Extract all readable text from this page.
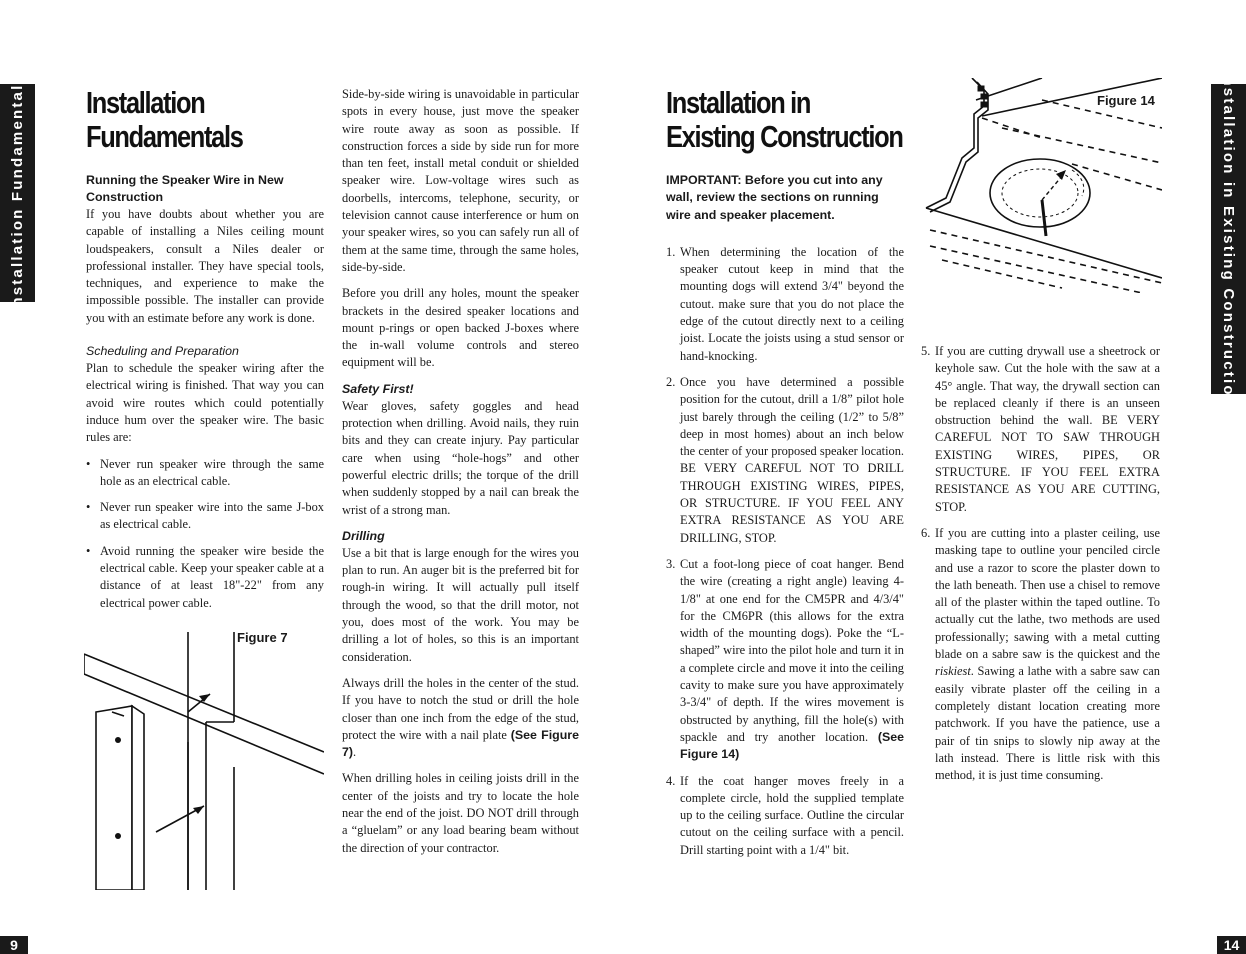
Installation Fundamentals	Installation in Existing Construction
9	14
Installation
Fundamentals
Running the Speaker Wire in New Construction

If you have doubts about whether you are capable of installing a Niles ceiling mount loudspeakers, consult a Niles dealer or professional installer. They have special tools, techniques, and experience to make the impossible possible. The installer can provide you with an estimate before any work is done.

Scheduling and Preparation

Plan to schedule the speaker wiring after the electrical wiring is finished. That way you can avoid wire routes which could potentially induce hum over the speaker wire. The basic rules are:

• Never run speaker wire through the same hole as an electrical cable.
• Never run speaker wire into the same J-box as electrical cable.
• Avoid running the speaker wire beside the electrical cable. Keep your speaker cable at a distance of at least 18"-22" from any electrical power cable.
Figure 7

Side-by-side wiring is unavoidable in particular spots in every house, just move the speaker wire route away as soon as possible. If construction forces a side by side run for more than ten feet, install metal conduit or shielded speaker wire. Low-voltage wires such as doorbells, intercoms, telephone, security, or television cannot cause interference or hum on your speaker wires, so you can safely run all of them at the same time, through the same holes, side-by-side.

Before you drill any holes, mount the speaker brackets in the desired speaker locations and mount p-rings or open backed J-boxes where the in-wall volume controls and stereo equipment will be.

Safety First!

Wear gloves, safety goggles and head protection when drilling. Avoid nails, they ruin bits and they can create injury. Pay particular care when using “hole-hogs” and other powerful electric drills; the torque of the drill when suddenly stopped by a nail can break the wrist of a strong man.

Drilling

Use a bit that is large enough for the wires you plan to run. An auger bit is the preferred bit for rough-in wiring. It will actually pull itself through the wood, so that the drill motor, not you, does most of the work. You may be drilling a lot of holes, so this is an important consideration.

Always drill the holes in the center of the stud. If you have to notch the stud or drill the hole closer than one inch from the edge of the stud, protect the wire with a nail plate (See Figure 7).

When drilling holes in ceiling joists drill in the center of the joists and try to locate the hole near the end of the joist. DO NOT drill through a “gluelam” or any load bearing beam without the direction of your contractor.

Installation in
Existing Construction
IMPORTANT: Before you cut into any wall, review the sections on running wire and speaker placement.
1. When determining the location of the speaker cutout keep in mind that the mounting dogs will extend 3/4" beyond the cutout. make sure that you do not place the edge of the cutout directly next to a ceiling joist. Locate the joists using a stud sensor or hand-knocking.
2. Once you have determined a possible position for the cutout, drill a 1/8” pilot hole just barely through the ceiling (1/2” to 5/8” deep in most homes) about an inch below the center of your proposed speaker location. BE VERY CAREFUL NOT TO DRILL THROUGH EXISTING WIRES, PIPES, OR STRUCTURE. IF YOU FEEL ANY EXTRA RESISTANCE AS YOU ARE DRILLING, STOP.
3. Cut a foot-long piece of coat hanger. Bend the wire (creating a right angle) leaving 4-1/8" at one end for the CM5PR and 4/3/4" for the CM6PR (this allows for the extra width of the mounting dogs). Poke the “L-shaped” wire into the pilot hole and turn it in a complete circle and move it into the ceiling cavity to make sure you have approximately 3-3/4" of depth. If the wires movement is obstructed by anything, fill the hole(s) with spackle and try another location. (See Figure 14)
4. If the coat hanger moves freely in a complete circle, hold the supplied template up to the ceiling surface. Outline the circular cutout on the ceiling surface with a pencil. Drill starting point with a 1/4" bit.
Figure 14
5. If you are cutting drywall use a sheetrock or keyhole saw. Cut the hole with the saw at a 45° angle. That way, the drywall section can be replaced cleanly if there is an unseen obstruction behind the wall. BE VERY CAREFUL NOT TO SAW THROUGH EXISTING WIRES, PIPES, OR STRUCTURE. IF YOU FEEL EXTRA RESISTANCE AS YOU ARE CUTTING, STOP.
6. If you are cutting into a plaster ceiling, use masking tape to outline your penciled circle and use a razor to score the plaster down to the lath beneath. Then use a chisel to remove all of the plaster within the taped outline. To actually cut the lathe, two methods are used professionally; sawing with a metal cutting blade on a sabre saw is the quickest and the riskiest. Sawing a lathe with a sabre saw can easily vibrate plaster off the ceiling in a completely distant location creating more patchwork. If you have the patience, use a pair of tin snips to slowly nip away at the lath instead. There is little risk with this method, it is just time consuming.
